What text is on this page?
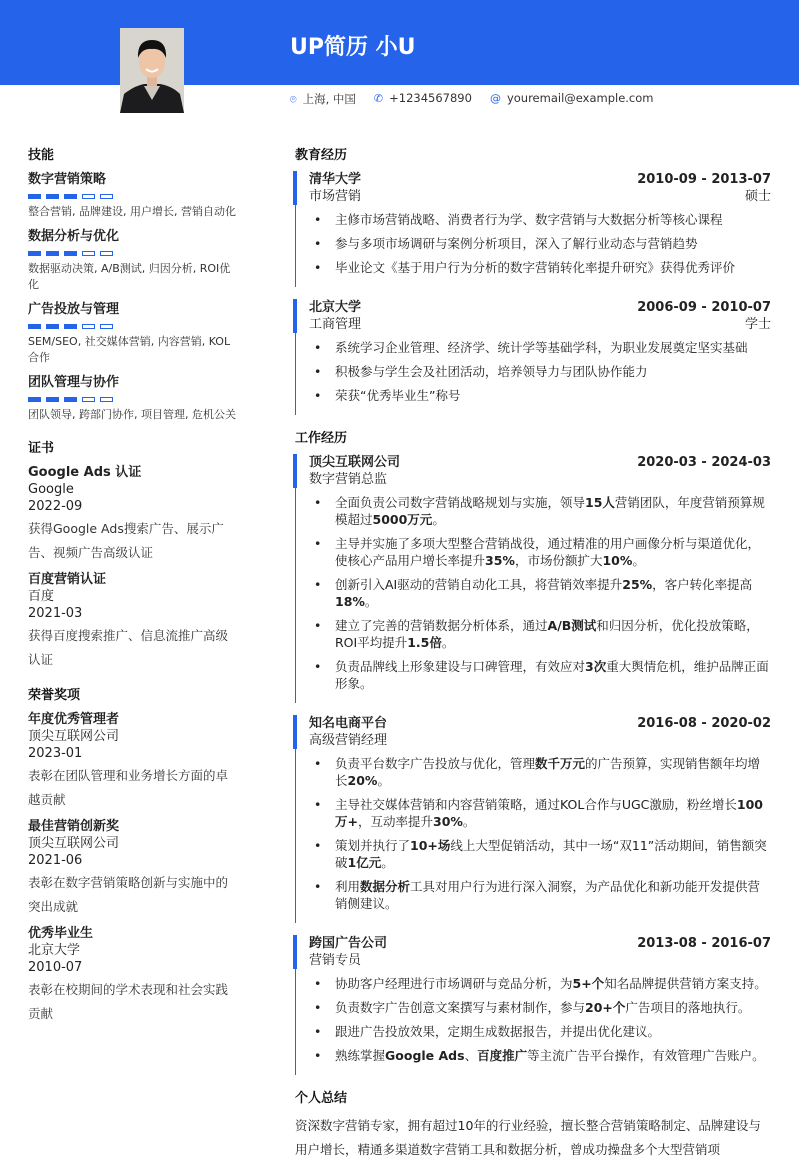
UP简历 小U
⌾ 上海, 中国 ✆ +1234567890 @ youremail@example.com
技能
数字营销策略
整合营销, 品牌建设, 用户增长, 营销自动化
数据分析与优化
数据驱动决策, A/B测试, 归因分析, ROI优化
广告投放与管理
SEM/SEO, 社交媒体营销, 内容营销, KOL合作
团队管理与协作
团队领导, 跨部门协作, 项目管理, 危机公关
证书
Google Ads 认证
Google
2022-09
获得Google Ads搜索广告、展示广告、视频广告高级认证
百度营销认证
百度
2021-03
获得百度搜索推广、信息流推广高级认证
荣誉奖项
年度优秀管理者
顶尖互联网公司
2023-01
表彰在团队管理和业务增长方面的卓越贡献
最佳营销创新奖
顶尖互联网公司
2021-06
表彰在数字营销策略创新与实施中的突出成就
优秀毕业生
北京大学
2010-07
表彰在校期间的学术表现和社会实践贡献
教育经历
清华大学	2010-09 - 2013-07
市场营销	硕士
• 主修市场营销战略、消费者行为学、数字营销与大数据分析等核心课程
• 参与多项市场调研与案例分析项目，深入了解行业动态与营销趋势
• 毕业论文《基于用户行为分析的数字营销转化率提升研究》获得优秀评价
北京大学	2006-09 - 2010-07
工商管理	学士
• 系统学习企业管理、经济学、统计学等基础学科，为职业发展奠定坚实基础
• 积极参与学生会及社团活动，培养领导力与团队协作能力
• 荣获“优秀毕业生”称号
工作经历
顶尖互联网公司	2020-03 - 2024-03
数字营销总监
• 全面负责公司数字营销战略规划与实施，领导15人营销团队，年度营销预算规模超过5000万元。
• 主导并实施了多项大型整合营销战役，通过精准的用户画像分析与渠道优化，使核心产品用户增长率提升35%，市场份额扩大10%。
• 创新引入AI驱动的营销自动化工具，将营销效率提升25%，客户转化率提高18%。
• 建立了完善的营销数据分析体系，通过A/B测试和归因分析，优化投放策略，ROI平均提升1.5倍。
• 负责品牌线上形象建设与口碑管理，有效应对3次重大舆情危机，维护品牌正面形象。
知名电商平台	2016-08 - 2020-02
高级营销经理
• 负责平台数字广告投放与优化，管理数千万元的广告预算，实现销售额年均增长20%。
• 主导社交媒体营销和内容营销策略，通过KOL合作与UGC激励，粉丝增长100万+，互动率提升30%。
• 策划并执行了10+场线上大型促销活动，其中一场“双11”活动期间，销售额突破1亿元。
• 利用数据分析工具对用户行为进行深入洞察，为产品优化和新功能开发提供营销侧建议。
跨国广告公司	2013-08 - 2016-07
营销专员
• 协助客户经理进行市场调研与竞品分析，为5+个知名品牌提供营销方案支持。
• 负责数字广告创意文案撰写与素材制作，参与20+个广告项目的落地执行。
• 跟进广告投放效果，定期生成数据报告，并提出优化建议。
• 熟练掌握Google Ads、百度推广等主流广告平台操作，有效管理广告账户。
个人总结
资深数字营销专家，拥有超过10年的行业经验，擅长整合营销策略制定、品牌建设与用户增长，精通多渠道数字营销工具和数据分析，曾成功操盘多个大型营销项
